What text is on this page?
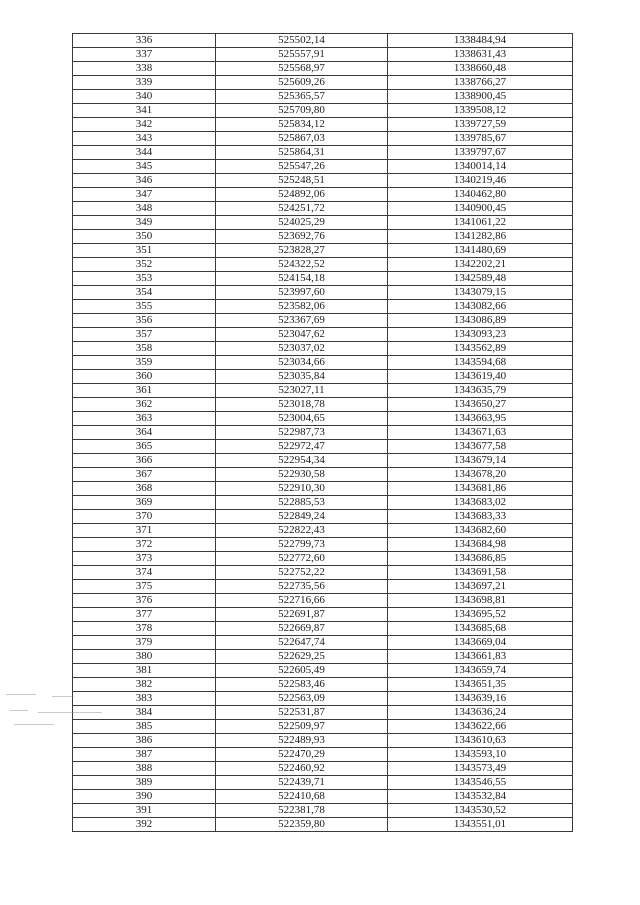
336	525502,14	1338484,94
337	525557,91	1338631,43
338	525568,97	1338660,48
339	525609,26	1338766,27
340	525365,57	1338900,45
341	525709,80	1339508,12
342	525834,12	1339727,59
343	525867,03	1339785,67
344	525864,31	1339797,67
345	525547,26	1340014,14
346	525248,51	1340219,46
347	524892,06	1340462,80
348	524251,72	1340900,45
349	524025,29	1341061,22
350	523692,76	1341282,86
351	523828,27	1341480,69
352	524322,52	1342202,21
353	524154,18	1342589,48
354	523997,60	1343079,15
355	523582,06	1343082,66
356	523367,69	1343086,89
357	523047,62	1343093,23
358	523037,02	1343562,89
359	523034,66	1343594,68
360	523035,84	1343619,40
361	523027,11	1343635,79
362	523018,78	1343650,27
363	523004,65	1343663,95
364	522987,73	1343671,63
365	522972,47	1343677,58
366	522954,34	1343679,14
367	522930,58	1343678,20
368	522910,30	1343681,86
369	522885,53	1343683,02
370	522849,24	1343683,33
371	522822,43	1343682,60
372	522799,73	1343684,98
373	522772,60	1343686,85
374	522752,22	1343691,58
375	522735,56	1343697,21
376	522716,66	1343698,81
377	522691,87	1343695,52
378	522669,87	1343685,68
379	522647,74	1343669,04
380	522629,25	1343661,83
381	522605,49	1343659,74
382	522583,46	1343651,35
383	522563,09	1343639,16
384	522531,87	1343636,24
385	522509,97	1343622,66
386	522489,93	1343610,63
387	522470,29	1343593,10
388	522460,92	1343573,49
389	522439,71	1343546,55
390	522410,68	1343532,84
391	522381,78	1343530,52
392	522359,80	1343551,01
